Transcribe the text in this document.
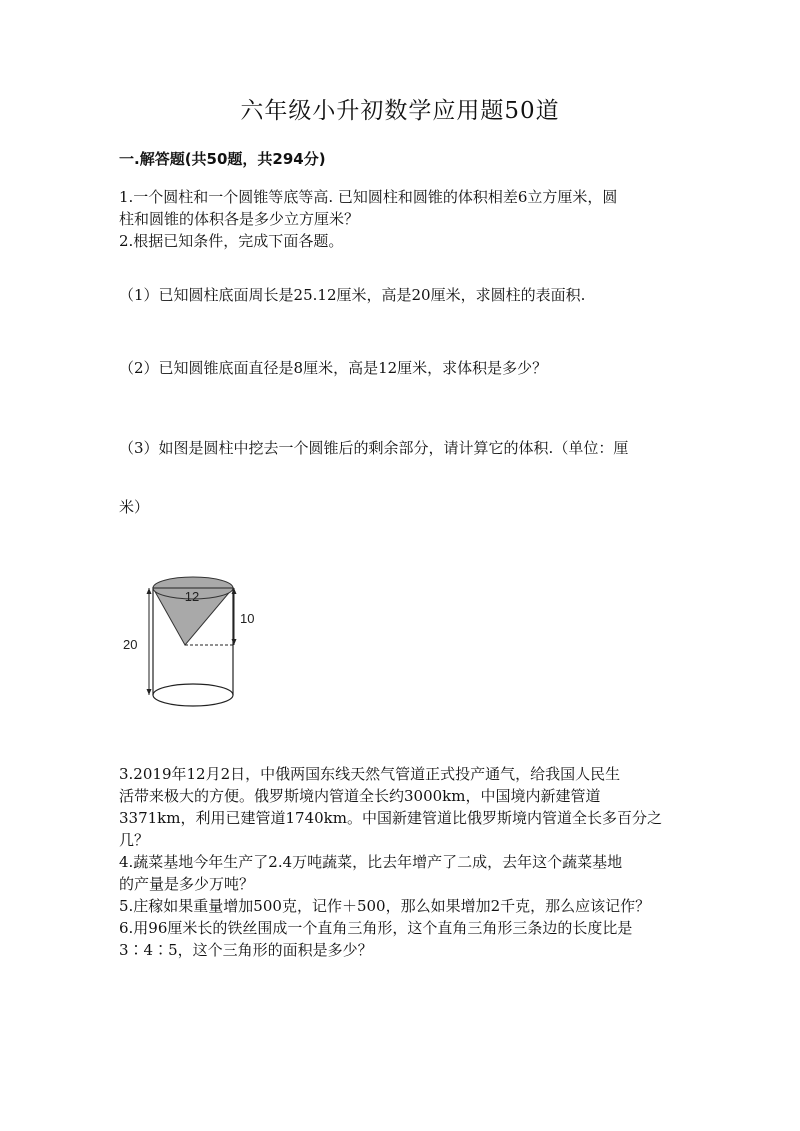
六年级小升初数学应用题50道
一.解答题(共50题，共294分)
1.一个圆柱和一个圆锥等底等高. 已知圆柱和圆锥的体积相差6立方厘米，圆
柱和圆锥的体积各是多少立方厘米？
2.根据已知条件，完成下面各题。
（1）已知圆柱底面周长是25.12厘米，高是20厘米，求圆柱的表面积.
（2）已知圆锥底面直径是8厘米，高是12厘米，求体积是多少？
（3）如图是圆柱中挖去一个圆锥后的剩余部分，请计算它的体积.（单位：厘
米）
12
10
20
3.2019年12月2日，中俄两国东线天然气管道正式投产通气，给我国人民生
活带来极大的方便。俄罗斯境内管道全长约3000km，中国境内新建管道
3371km，利用已建管道1740km。中国新建管道比俄罗斯境内管道全长多百分之
几？
4.蔬菜基地今年生产了2.4万吨蔬菜，比去年增产了二成，去年这个蔬菜基地
的产量是多少万吨？
5.庄稼如果重量增加500克，记作＋500，那么如果增加2千克，那么应该记作？
6.用96厘米长的铁丝围成一个直角三角形，这个直角三角形三条边的长度比是
3∶4∶5，这个三角形的面积是多少？
